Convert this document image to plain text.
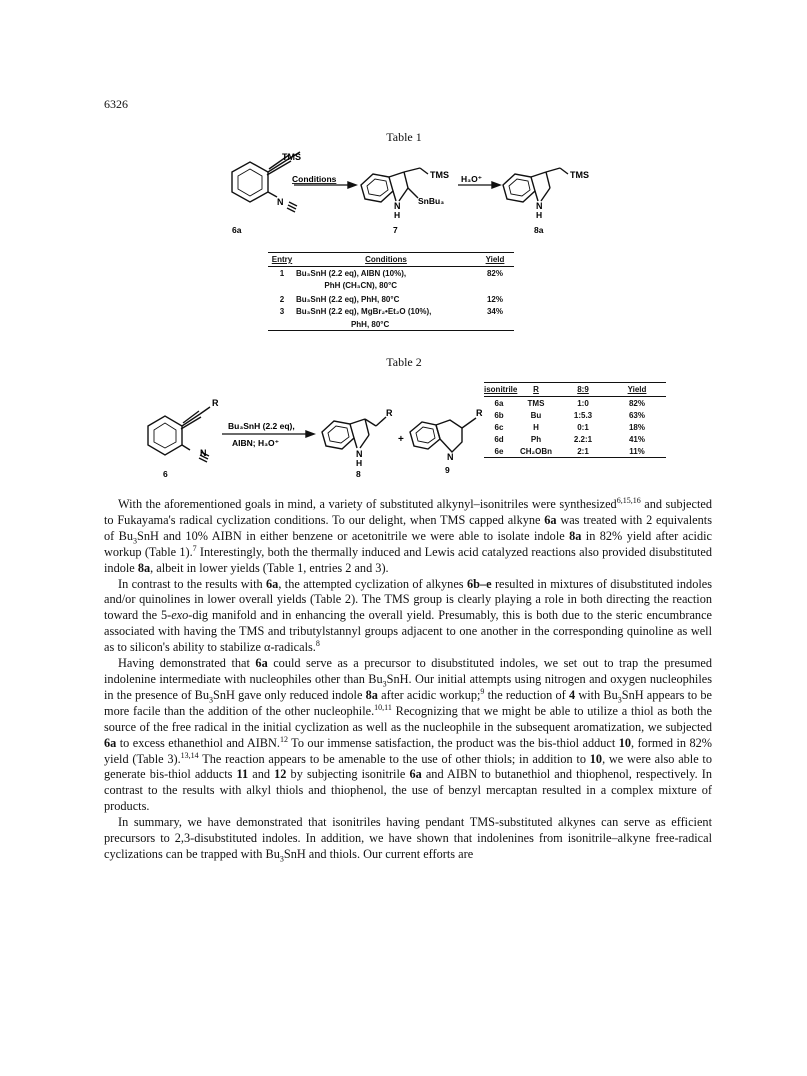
6326
Table 1
TMS
N
Conditions	TMS
SnBu₃
N
H
H₃O⁺	TMS
N
H
6a	7	8a
Entry	Conditions	Yield
1	Bu₃SnH (2.2 eq), AIBN (10%),	82%
PhH (CH₃CN), 80°C
2	Bu₃SnH (2.2 eq), PhH, 80°C	12%
3	Bu₃SnH (2.2 eq), MgBr₂•Et₂O (10%),	34%
PhH, 80°C
Table 2
R
N
Bu₃SnH (2.2 eq),
AIBN; H₃O⁺
R
N
H
+
R
N
6	8	9
isonitrile	R	8:9	Yield
6a	TMS	1:0	82%
6b	Bu	1:5.3	63%
6c	H	0:1	18%
6d	Ph	2.2:1	41%
6e	CH₂OBn	2:1	11%

With the aforementioned goals in mind, a variety of substituted alkynyl–isonitriles were synthesized$^{6,15,16}$ and subjected to Fukayama's radical cyclization conditions. To our delight, when TMS capped alkyne 6a was treated with 2 equivalents of $Bu_3SnH$ and 10% AIBN in either benzene or acetonitrile we were able to isolate indole 8a in 82% yield after acidic workup (Table 1).$^7$ Interestingly, both the thermally induced and Lewis acid catalyzed reactions also provided disubstituted indole 8a, albeit in lower yields (Table 1, entries 2 and 3).

In contrast to the results with 6a, the attempted cyclization of alkynes 6b–e resulted in mixtures of disubstituted indoles and/or quinolines in lower overall yields (Table 2). The TMS group is clearly playing a role in both directing the reaction toward the 5-exo-dig manifold and in enhancing the overall yield. Presumably, this is both due to the steric encumbrance associated with having the TMS and tributylstannyl groups adjacent to one another in the corresponding quinoline as well as to silicon's ability to stabilize α-radicals.$^8$

Having demonstrated that 6a could serve as a precursor to disubstituted indoles, we set out to trap the presumed indolenine intermediate with nucleophiles other than $Bu_3SnH$. Our initial attempts using nitrogen and oxygen nucleophiles in the presence of $Bu_3SnH$ gave only reduced indole 8a after acidic workup;$^9$ the reduction of 4 with $Bu_3SnH$ appears to be more facile than the addition of the other nucleophile.$^{10,11}$ Recognizing that we might be able to utilize a thiol as both the source of the free radical in the initial cyclization as well as the nucleophile in the subsequent aromatization, we subjected 6a to excess ethanethiol and AIBN.$^{12}$ To our immense satisfaction, the product was the bis-thiol adduct 10, formed in 82% yield (Table 3).$^{13,14}$ The reaction appears to be amenable to the use of other thiols; in addition to 10, we were also able to generate bis-thiol adducts 11 and 12 by subjecting isonitrile 6a and AIBN to butanethiol and thiophenol, respectively. In contrast to the results with alkyl thiols and thiophenol, the use of benzyl mercaptan resulted in a complex mixture of products.

In summary, we have demonstrated that isonitriles having pendant TMS-substituted alkynes can serve as efficient precursors to 2,3-disubstituted indoles. In addition, we have shown that indolenines from isonitrile–alkyne free-radical cyclizations can be trapped with $Bu_3SnH$ and thiols. Our current efforts are
